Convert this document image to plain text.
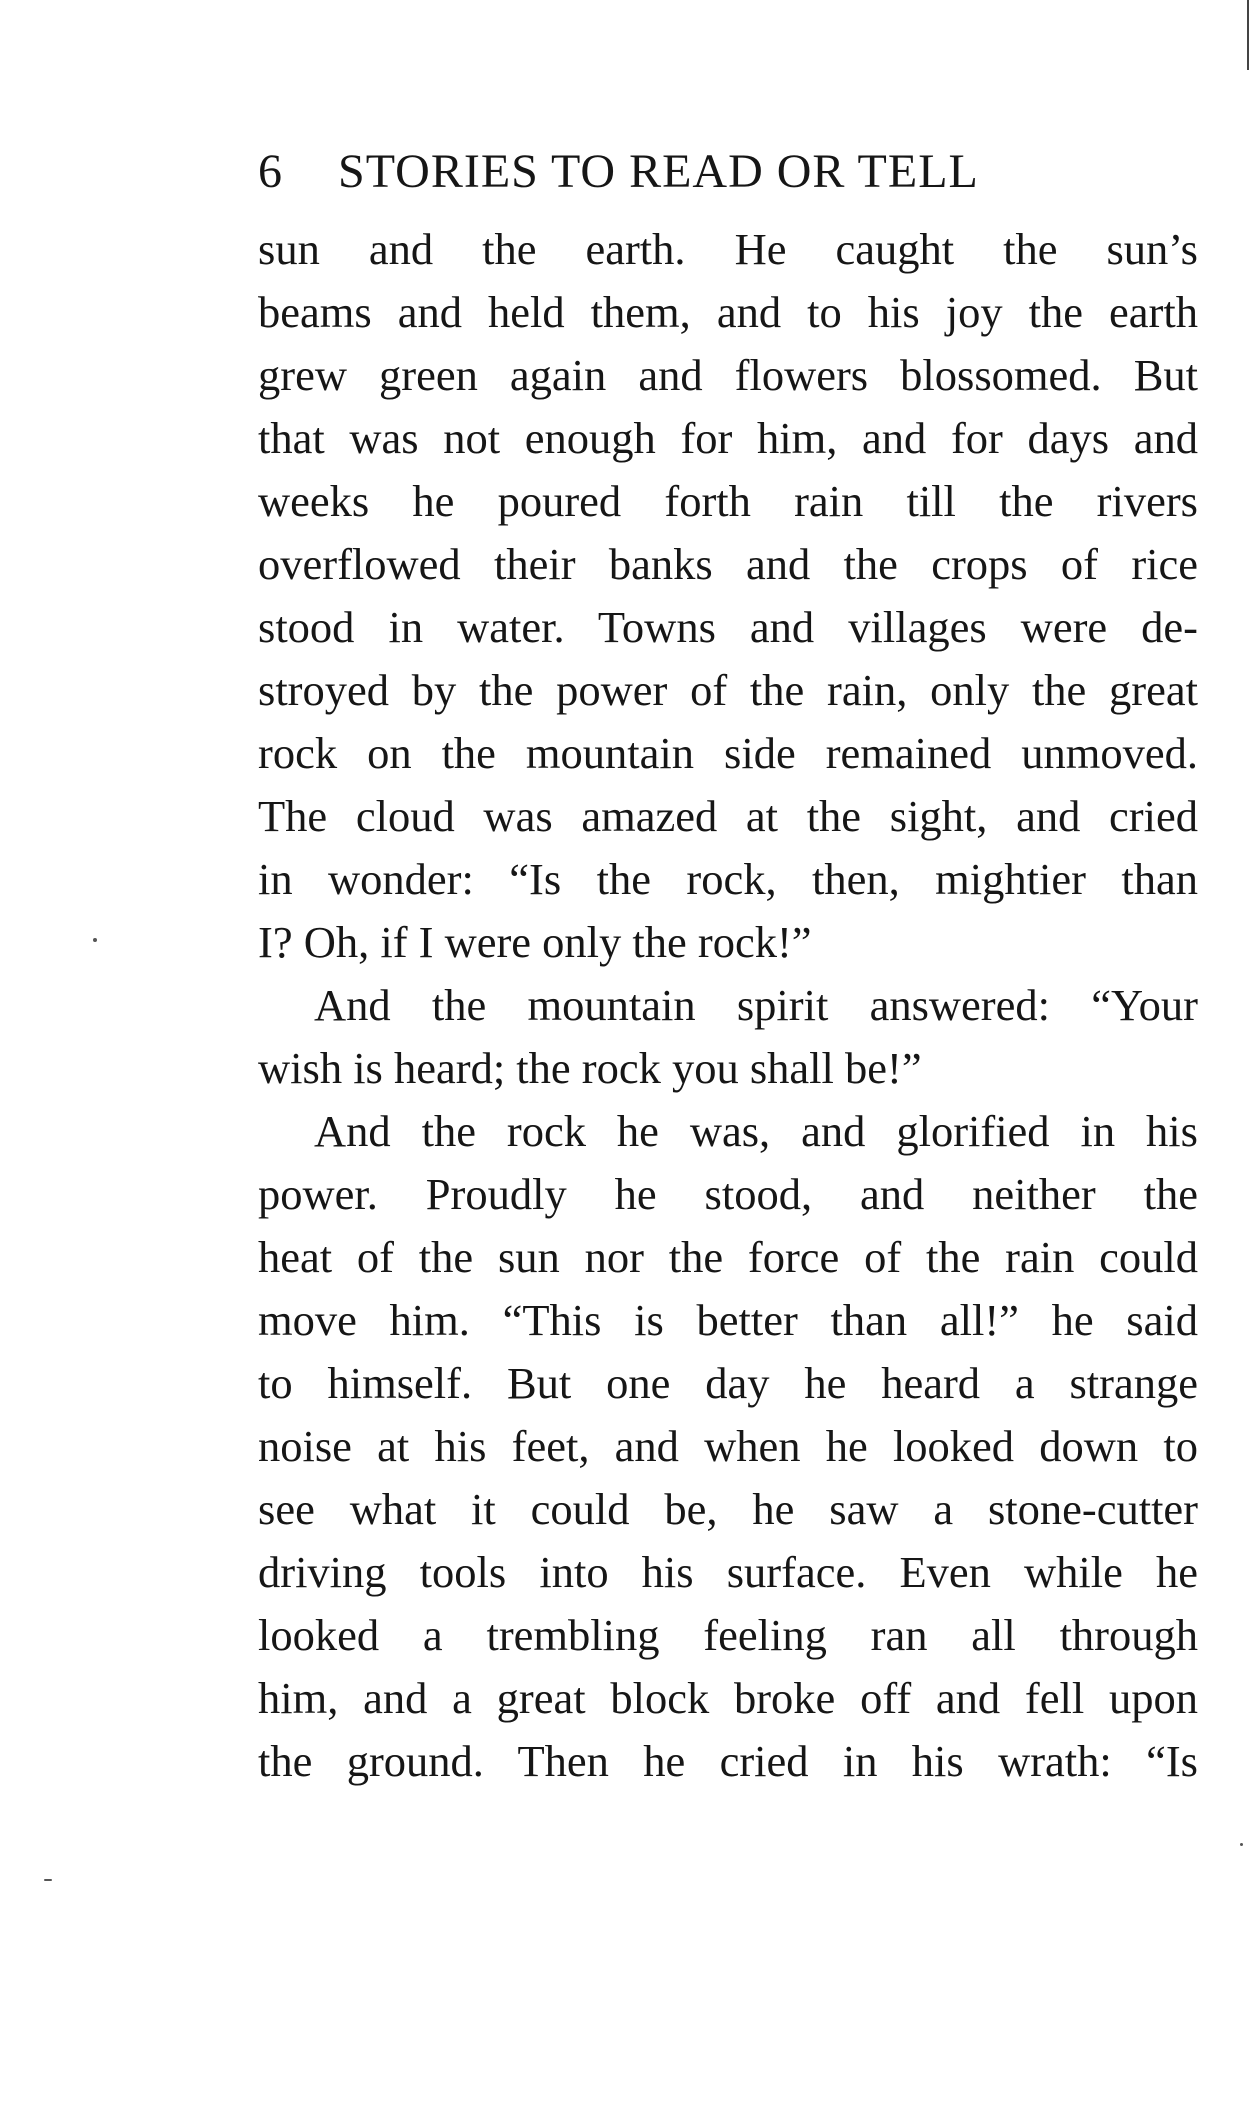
6 STORIES TO READ OR TELL
sun and the earth. He caught the sun’s
beams and held them, and to his joy the earth
grew green again and flowers blossomed. But
that was not enough for him, and for days and
weeks he poured forth rain till the rivers
overflowed their banks and the crops of rice
stood in water. Towns and villages were de-
stroyed by the power of the rain, only the great
rock on the mountain side remained unmoved.
The cloud was amazed at the sight, and cried
in wonder: “Is the rock, then, mightier than
I? Oh, if I were only the rock!”
And the mountain spirit answered: “Your
wish is heard; the rock you shall be!”
And the rock he was, and glorified in his
power. Proudly he stood, and neither the
heat of the sun nor the force of the rain could
move him. “This is better than all!” he said
to himself. But one day he heard a strange
noise at his feet, and when he looked down to
see what it could be, he saw a stone-cutter
driving tools into his surface. Even while he
looked a trembling feeling ran all through
him, and a great block broke off and fell upon
the ground. Then he cried in his wrath: “Is
